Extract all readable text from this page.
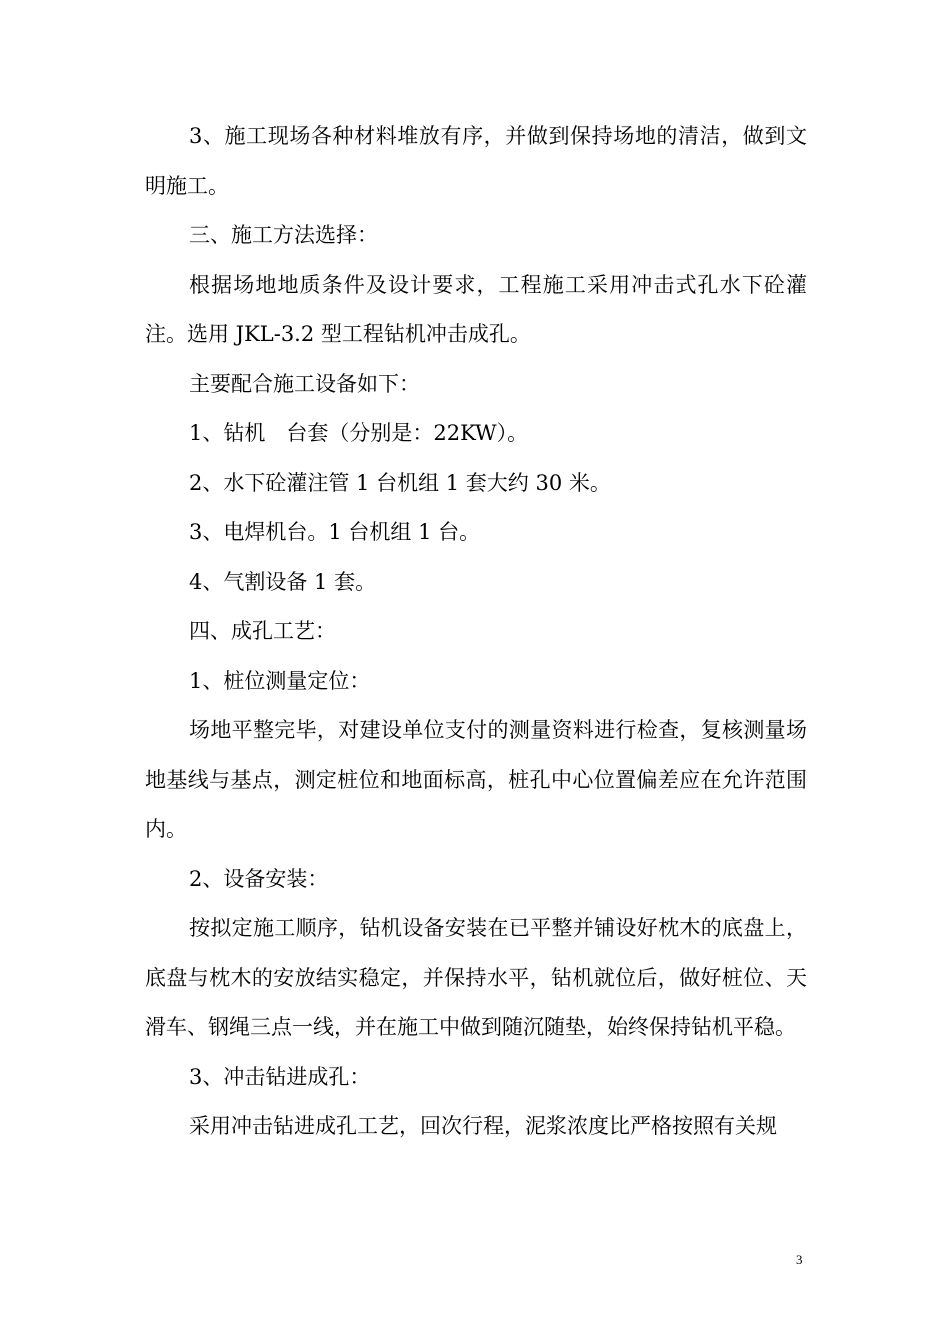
3、施工现场各种材料堆放有序，并做到保持场地的清洁，做到文明施工。

三、施工方法选择：

根据场地地质条件及设计要求，工程施工采用冲击式孔水下砼灌注。选用 JKL-3.2 型工程钻机冲击成孔。

主要配合施工设备如下：

1、钻机　台套（分别是：22KW）。

2、水下砼灌注管 1 台机组 1 套大约 30 米。

3、电焊机台。1 台机组 1 台。

4、气割设备 1 套。

四、成孔工艺：

1、桩位测量定位：

场地平整完毕，对建设单位支付的测量资料进行检查，复核测量场地基线与基点，测定桩位和地面标高，桩孔中心位置偏差应在允许范围内。

2、设备安装：

按拟定施工顺序，钻机设备安装在已平整并铺设好枕木的底盘上，底盘与枕木的安放结实稳定，并保持水平，钻机就位后，做好桩位、天滑车、钢绳三点一线，并在施工中做到随沉随垫，始终保持钻机平稳。

3、冲击钻进成孔：

采用冲击钻进成孔工艺，回次行程，泥浆浓度比严格按照有关规

3
